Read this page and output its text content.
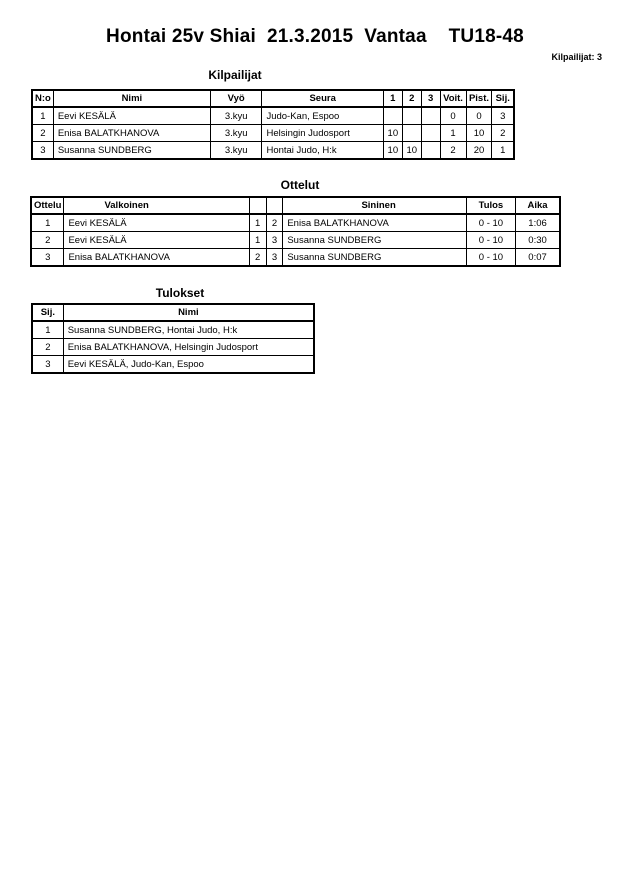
Hontai 25v Shiai  21.3.2015  Vantaa    TU18-48
Kilpailijat: 3
Kilpailijat
N:o	Nimi	Vyö	Seura	1	2	3	Voit.	Pist.	Sij.
1	Eevi KESÄLÄ	3.kyu	Judo-Kan, Espoo				0	0	3
2	Enisa BALATKHANOVA	3.kyu	Helsingin Judosport	10			1	10	2
3	Susanna SUNDBERG	3.kyu	Hontai Judo, H:k	10	10		2	20	1
Ottelut
Ottelu	Valkoinen			Sininen	Tulos	Aika
1	Eevi KESÄLÄ	1	2	Enisa BALATKHANOVA	0 - 10	1:06
2	Eevi KESÄLÄ	1	3	Susanna SUNDBERG	0 - 10	0:30
3	Enisa BALATKHANOVA	2	3	Susanna SUNDBERG	0 - 10	0:07
Tulokset
Sij.	Nimi
1	Susanna SUNDBERG, Hontai Judo, H:k
2	Enisa BALATKHANOVA, Helsingin Judosport
3	Eevi KESÄLÄ, Judo-Kan, Espoo
